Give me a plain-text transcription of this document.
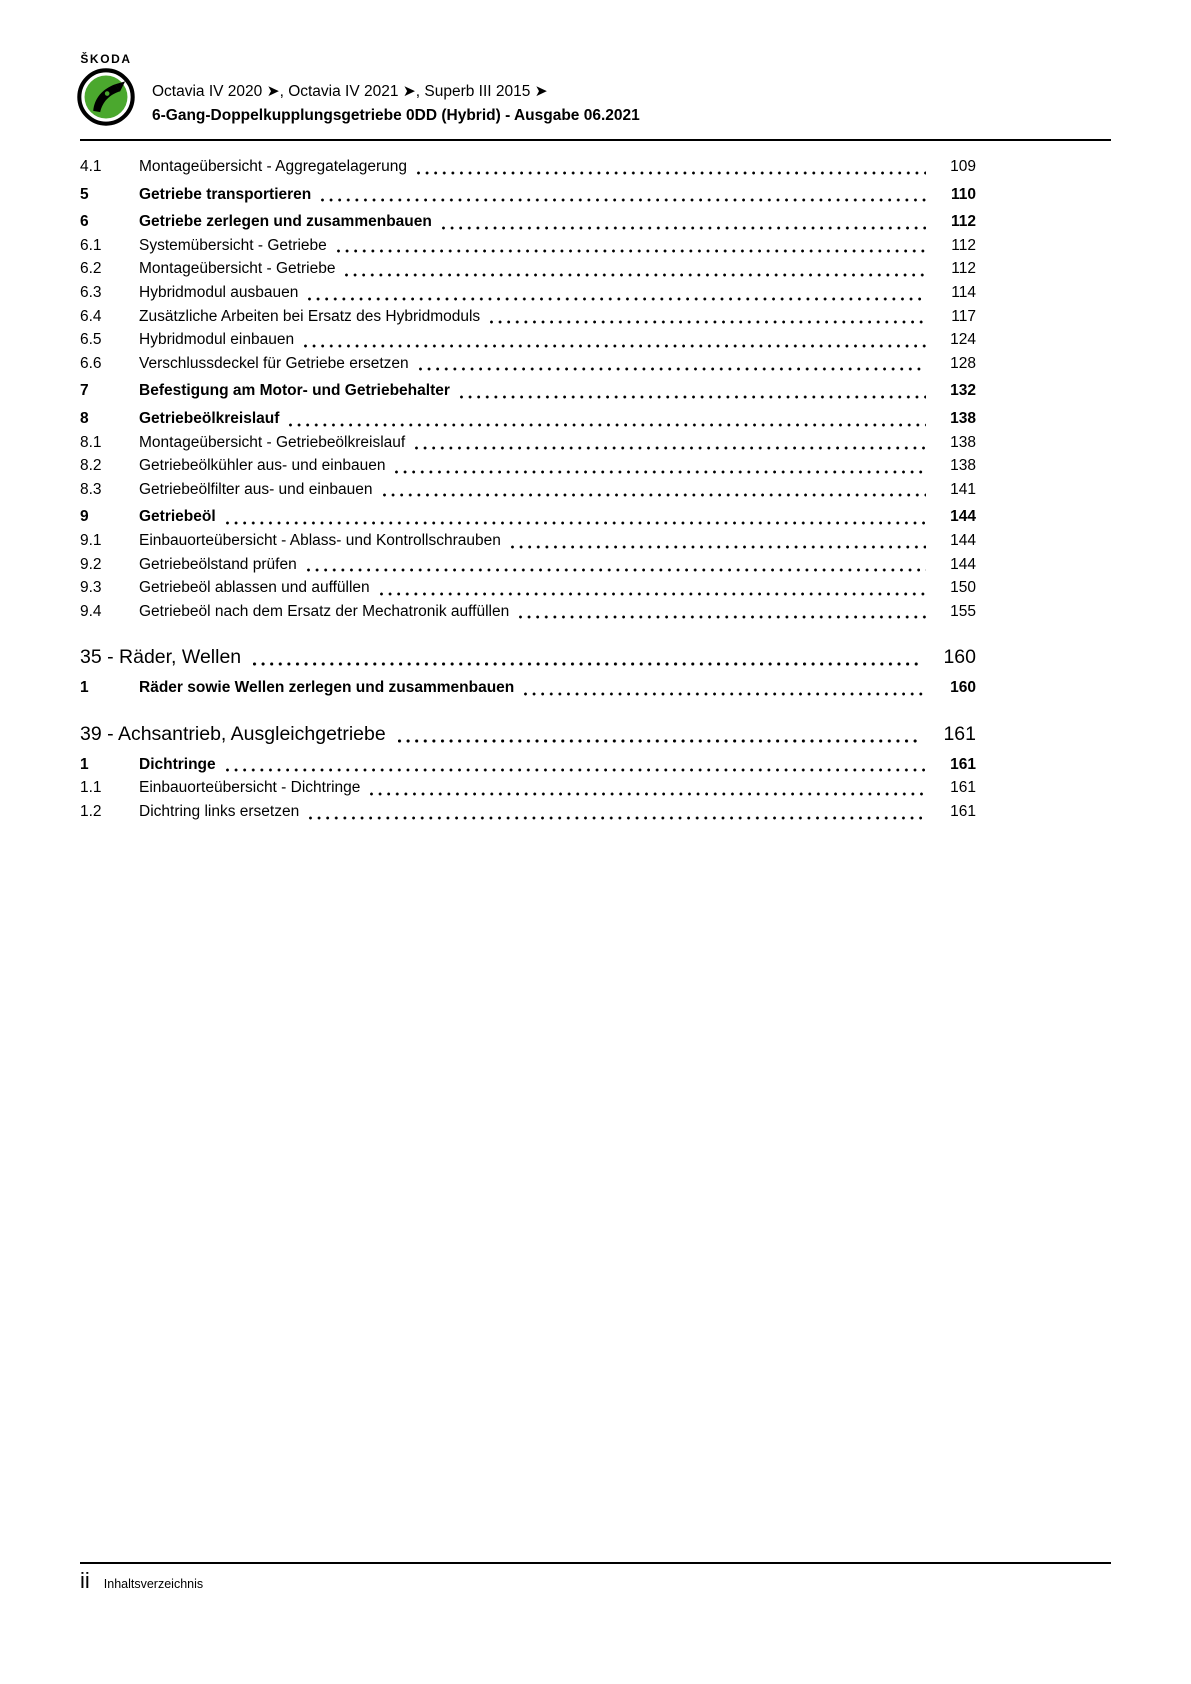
ŠKODA
Octavia IV 2020 ➤, Octavia IV 2021 ➤, Superb III 2015 ➤
6-Gang-Doppelkupplungsgetriebe 0DD (Hybrid) - Ausgabe 06.2021
4.1	Montageübersicht - Aggregatelagerung	109
5	Getriebe transportieren	110
6	Getriebe zerlegen und zusammenbauen	112
6.1	Systemübersicht - Getriebe	112
6.2	Montageübersicht - Getriebe	112
6.3	Hybridmodul ausbauen	114
6.4	Zusätzliche Arbeiten bei Ersatz des Hybridmoduls	117
6.5	Hybridmodul einbauen	124
6.6	Verschlussdeckel für Getriebe ersetzen	128
7	Befestigung am Motor- und Getriebehalter	132
8	Getriebeölkreislauf	138
8.1	Montageübersicht - Getriebeölkreislauf	138
8.2	Getriebeölkühler aus- und einbauen	138
8.3	Getriebeölfilter aus- und einbauen	141
9	Getriebeöl	144
9.1	Einbauorteübersicht - Ablass- und Kontrollschrauben	144
9.2	Getriebeölstand prüfen	144
9.3	Getriebeöl ablassen und auffüllen	150
9.4	Getriebeöl nach dem Ersatz der Mechatronik auffüllen	155
35 - Räder, Wellen	160
1	Räder sowie Wellen zerlegen und zusammenbauen	160
39 - Achsantrieb, Ausgleichgetriebe	161
1	Dichtringe	161
1.1	Einbauorteübersicht - Dichtringe	161
1.2	Dichtring links ersetzen	161
ii Inhaltsverzeichnis
